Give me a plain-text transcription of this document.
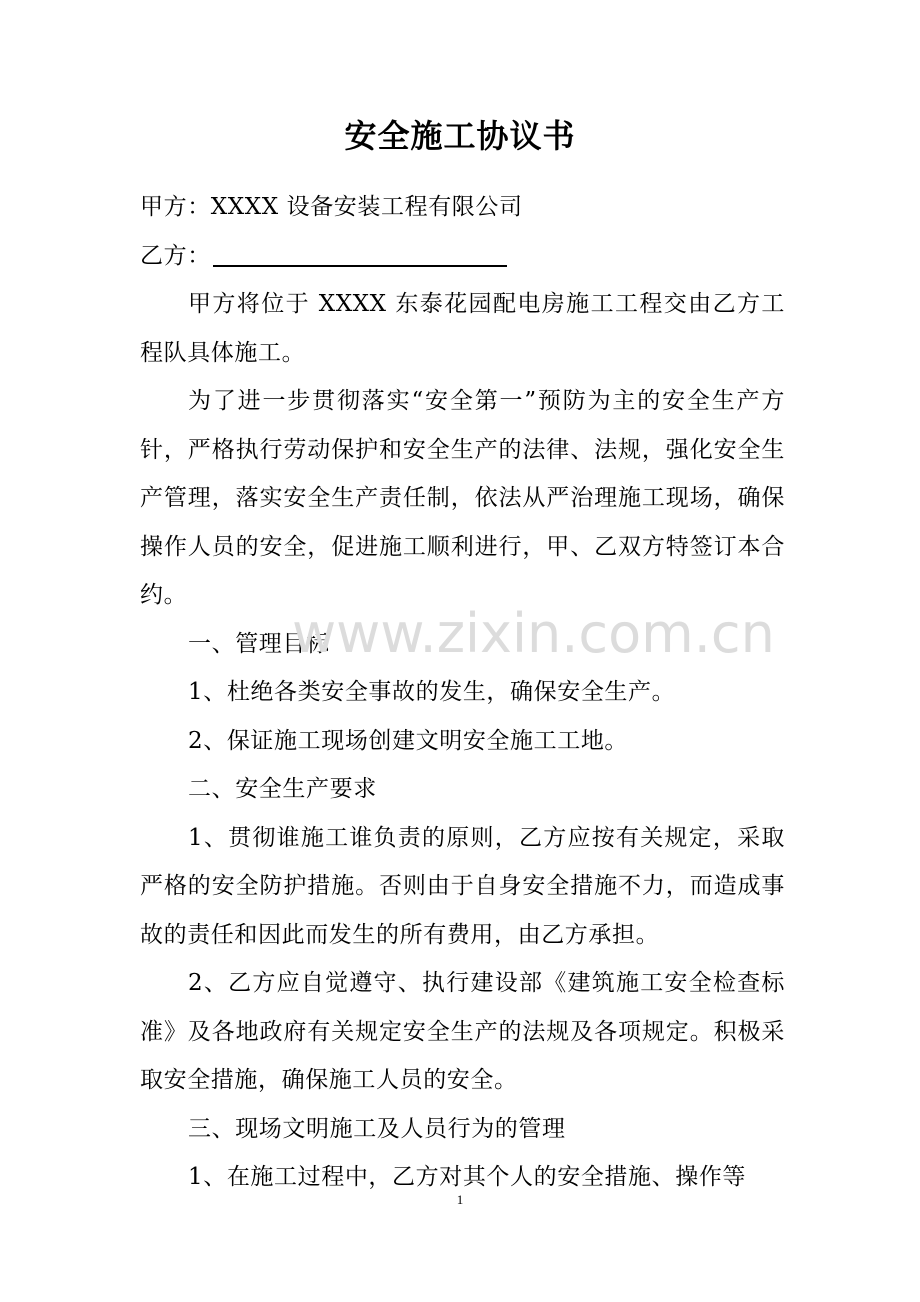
安全施工协议书

甲方：XXXX 设备安装工程有限公司

乙方：

甲方将位于 XXXX 东泰花园配电房施工工程交由乙方工程队具体施工。

为了进一步贯彻落实“安全第一”预防为主的安全生产方针，严格执行劳动保护和安全生产的法律、法规，强化安全生产管理，落实安全生产责任制，依法从严治理施工现场，确保操作人员的安全，促进施工顺利进行，甲、乙双方特签订本合约。

一、管理目标

1、杜绝各类安全事故的发生，确保安全生产。

2、保证施工现场创建文明安全施工工地。

二、安全生产要求

1、贯彻谁施工谁负责的原则，乙方应按有关规定，采取严格的安全防护措施。否则由于自身安全措施不力，而造成事故的责任和因此而发生的所有费用，由乙方承担。

2、乙方应自觉遵守、执行建设部《建筑施工安全检查标准》及各地政府有关规定安全生产的法规及各项规定。积极采取安全措施，确保施工人员的安全。

三、现场文明施工及人员行为的管理

1、在施工过程中，乙方对其个人的安全措施、操作等

www.zixin.com.cn
1
